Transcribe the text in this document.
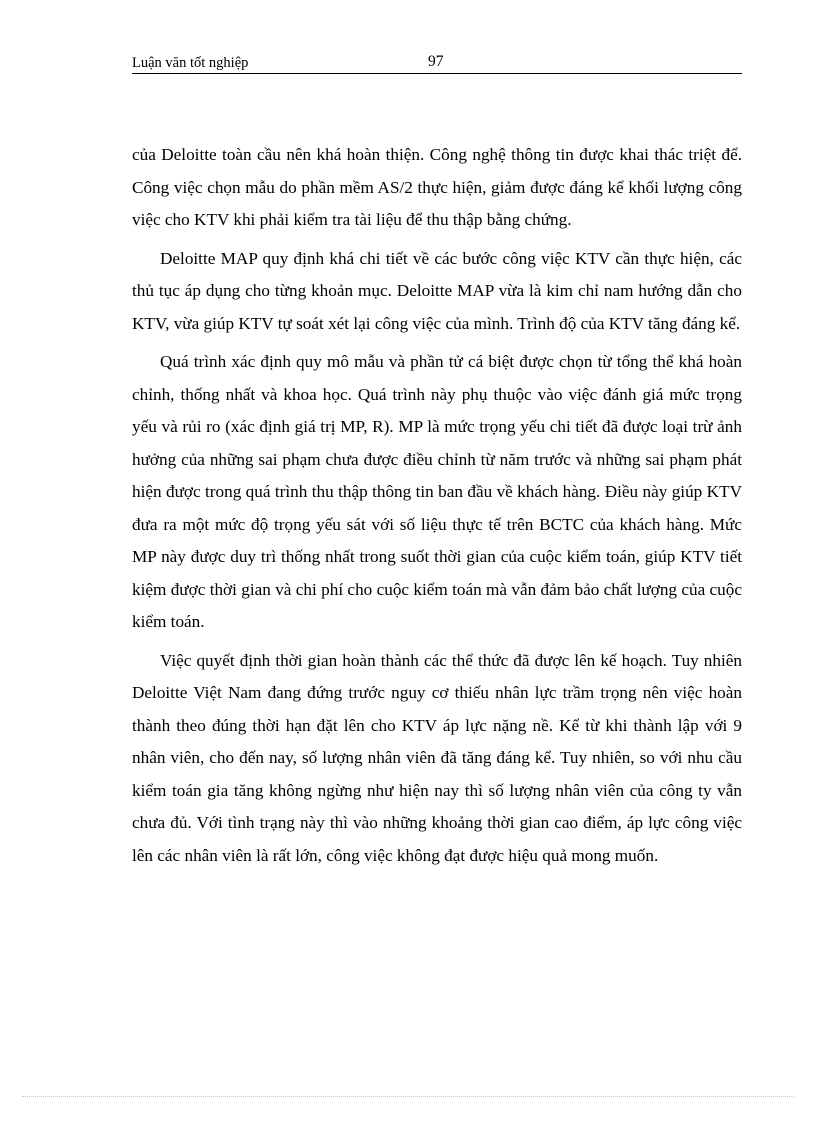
Luận văn tốt nghiệp	97

của Deloitte toàn cầu nên khá hoàn thiện. Công nghệ thông tin được khai thác triệt để. Công việc chọn mẫu do phần mềm AS/2 thực hiện, giảm được đáng kể khối lượng công việc cho KTV khi phải kiểm tra tài liệu để thu thập bằng chứng.

Deloitte MAP quy định khá chi tiết về các bước công việc KTV cần thực hiện, các thủ tục áp dụng cho từng khoản mục. Deloitte MAP vừa là kim chỉ nam hướng dẫn cho KTV, vừa giúp KTV tự soát xét lại công việc của mình. Trình độ của KTV tăng đáng kể.

Quá trình xác định quy mô mẫu và phần tử cá biệt được chọn từ tổng thể khá hoàn chỉnh, thống nhất và khoa học. Quá trình này phụ thuộc vào việc đánh giá mức trọng yếu và rủi ro (xác định giá trị MP, R). MP là mức trọng yếu chi tiết đã được loại trừ ảnh hưởng của những sai phạm chưa được điều chỉnh từ năm trước và những sai phạm phát hiện được trong quá trình thu thập thông tin ban đầu về khách hàng. Điều này giúp KTV đưa ra một mức độ trọng yếu sát với số liệu thực tế trên BCTC của khách hàng. Mức MP này được duy trì thống nhất trong suốt thời gian của cuộc kiểm toán, giúp KTV tiết kiệm được thời gian và chi phí cho cuộc kiểm toán mà vẫn đảm bảo chất lượng của cuộc kiểm toán.

Việc quyết định thời gian hoàn thành các thể thức đã được lên kế hoạch. Tuy nhiên Deloitte Việt Nam đang đứng trước nguy cơ thiếu nhân lực trầm trọng nên việc hoàn thành theo đúng thời hạn đặt lên cho KTV áp lực nặng nề. Kể từ khi thành lập với 9 nhân viên, cho đến nay, số lượng nhân viên đã tăng đáng kể. Tuy nhiên, so với nhu cầu kiểm toán gia tăng không ngừng như hiện nay thì số lượng nhân viên của công ty vẫn chưa đủ. Với tình trạng này thì vào những khoảng thời gian cao điểm, áp lực công việc lên các nhân viên là rất lớn, công việc không đạt được hiệu quả mong muốn.
